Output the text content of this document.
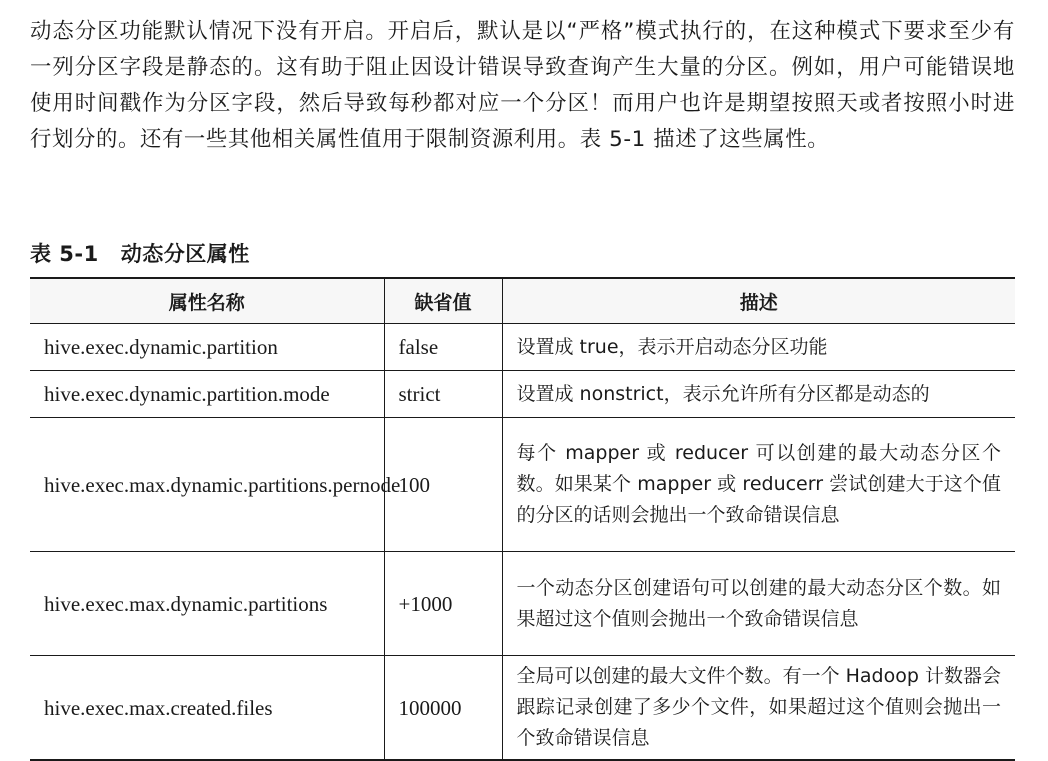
动态分区功能默认情况下没有开启。开启后，默认是以“严格”模式执行的，在这种模式下要求至少有一列分区字段是静态的。这有助于阻止因设计错误导致查询产生大量的分区。例如，用户可能错误地使用时间戳作为分区字段，然后导致每秒都对应一个分区！而用户也许是期望按照天或者按照小时进行划分的。还有一些其他相关属性值用于限制资源利用。表 5-1 描述了这些属性。

表 5-1 动态分区属性
属性名称	缺省值	描述
hive.exec.dynamic.partition	false	设置成 true，表示开启动态分区功能
hive.exec.dynamic.partition.mode	strict	设置成 nonstrict，表示允许所有分区都是动态的
hive.exec.max.dynamic.partitions.pernode	100	每个 mapper 或 reducer 可以创建的最大动态分区个数。如果某个 mapper 或 reducerr 尝试创建大于这个值的分区的话则会抛出一个致命错误信息
hive.exec.max.dynamic.partitions	+1000	一个动态分区创建语句可以创建的最大动态分区个数。如果超过这个值则会抛出一个致命错误信息
hive.exec.max.created.files	100000	全局可以创建的最大文件个数。有一个 Hadoop 计数器会跟踪记录创建了多少个文件，如果超过这个值则会抛出一个致命错误信息
